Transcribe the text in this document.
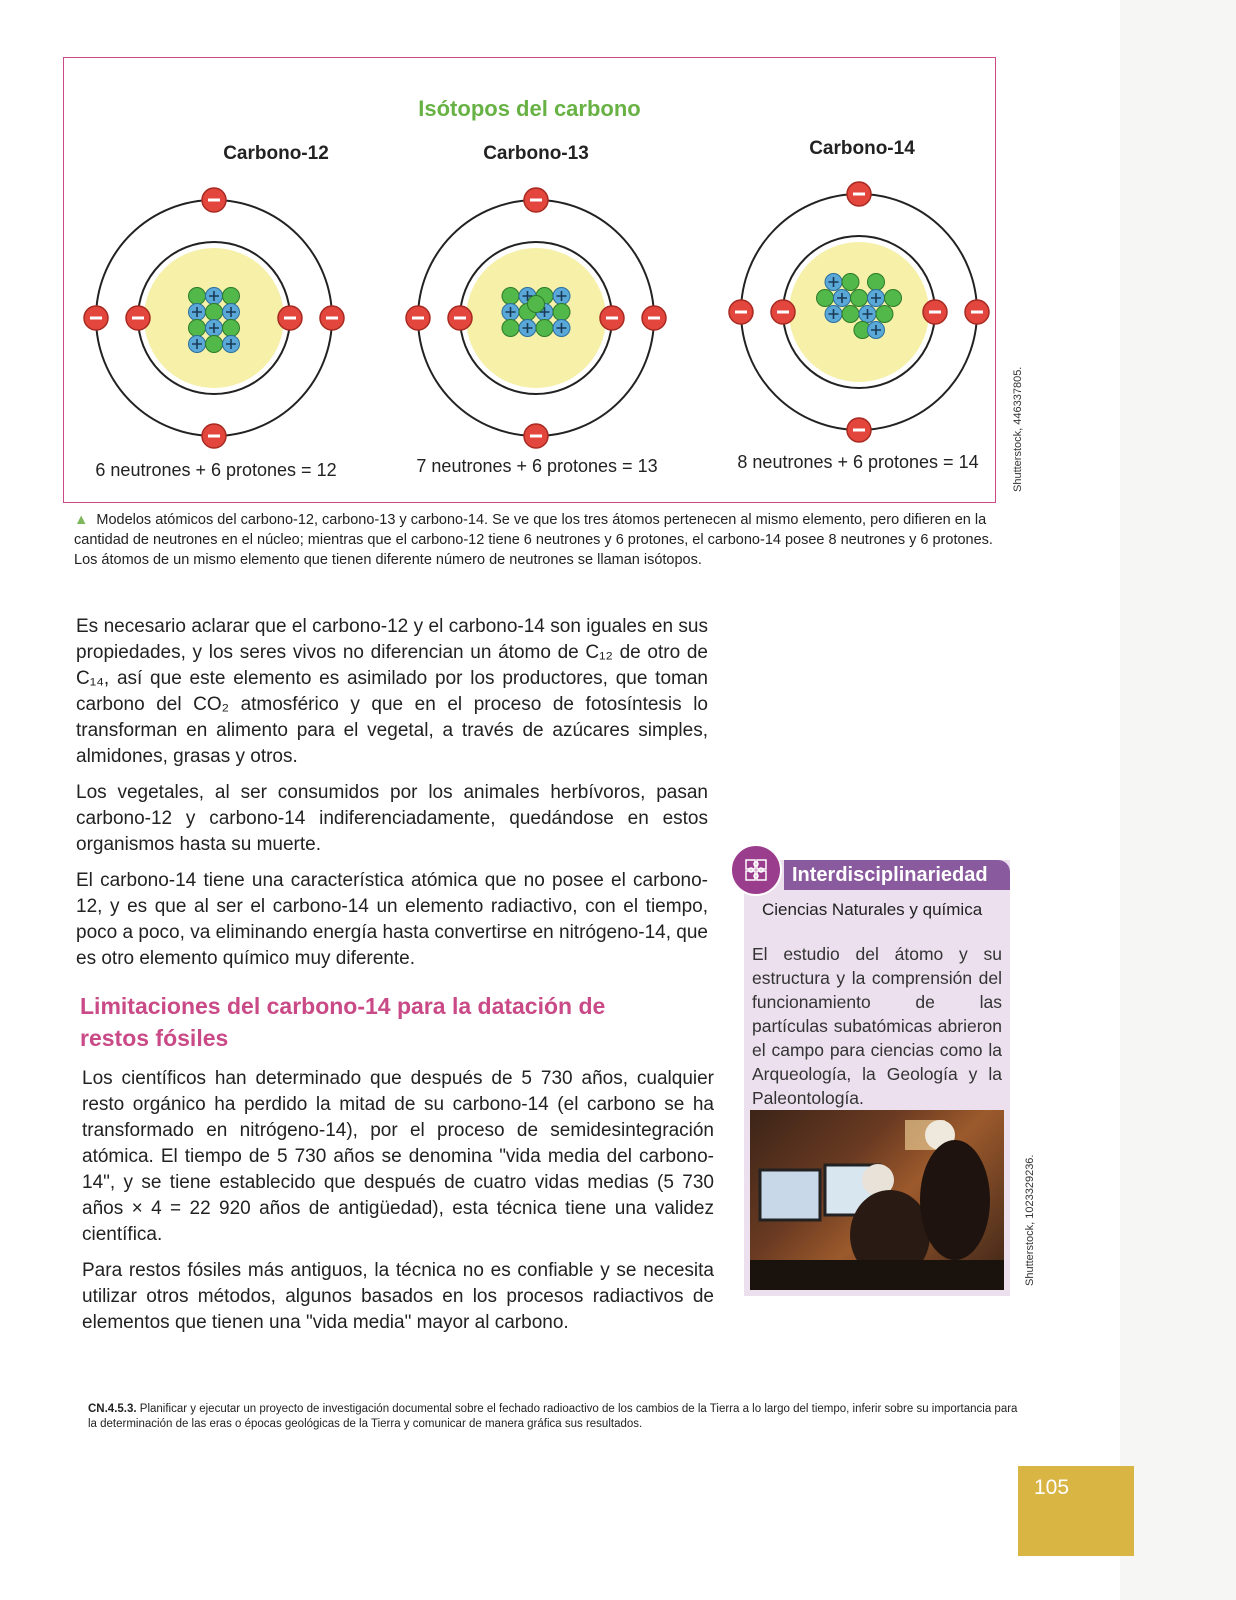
Isótopos del carbono
Carbono-12	Carbono-13	Carbono-14
6 neutrones + 6 protones = 12	7 neutrones + 6 protones = 13	8 neutrones + 6 protones = 14	Shutterstock, 446337805.
▲ Modelos atómicos del carbono-12, carbono-13 y carbono-14. Se ve que los tres átomos pertenecen al mismo elemento, pero difieren en la cantidad de neutrones en el núcleo; mientras que el carbono-12 tiene 6 neutrones y 6 protones, el carbono-14 posee 8 neutrones y 6 protones. Los átomos de un mismo elemento que tienen diferente número de neutrones se llaman isótopos.

Es necesario aclarar que el carbono-12 y el carbono-14 son iguales en sus propiedades, y los seres vivos no diferencian un átomo de C₁₂ de otro de C₁₄, así que este elemento es asimilado por los productores, que toman carbono del CO₂ atmosférico y que en el proceso de fotosíntesis lo transforman en alimento para el vegetal, a través de azúcares simples, almidones, grasas y otros.

Los vegetales, al ser consumidos por los animales herbívoros, pasan carbono-12 y carbono-14 indiferenciadamente, quedándose en estos organismos hasta su muerte.

El carbono-14 tiene una característica atómica que no posee el carbono-12, y es que al ser el carbono-14 un elemento radiactivo, con el tiempo, poco a poco, va eliminando energía hasta convertirse en nitrógeno-14, que es otro elemento químico muy diferente.

Limitaciones del carbono-14 para la datación de restos fósiles

Los científicos han determinado que después de 5 730 años, cualquier resto orgánico ha perdido la mitad de su carbono-14 (el carbono se ha transformado en nitrógeno-14), por el proceso de semidesintegración atómica. El tiempo de 5 730 años se denomina "vida media del carbono-14", y se tiene establecido que después de cuatro vidas medias (5 730 años × 4 = 22 920 años de antigüedad), esta técnica tiene una validez científica.

Para restos fósiles más antiguos, la técnica no es confiable y se necesita utilizar otros métodos, algunos basados en los procesos radiactivos de elementos que tienen una "vida media" mayor al carbono.

Interdisciplinariedad
Ciencias Naturales y química
El estudio del átomo y su estructura y la comprensión del funcionamiento de las partículas subatómicas abrieron el campo para ciencias como la Arqueología, la Geología y la Paleontología.
Shutterstock, 1023329236.
CN.4.5.3. Planificar y ejecutar un proyecto de investigación documental sobre el fechado radioactivo de los cambios de la Tierra a lo largo del tiempo, inferir sobre su importancia para la determinación de las eras o épocas geológicas de la Tierra y comunicar de manera gráfica sus resultados.
105
